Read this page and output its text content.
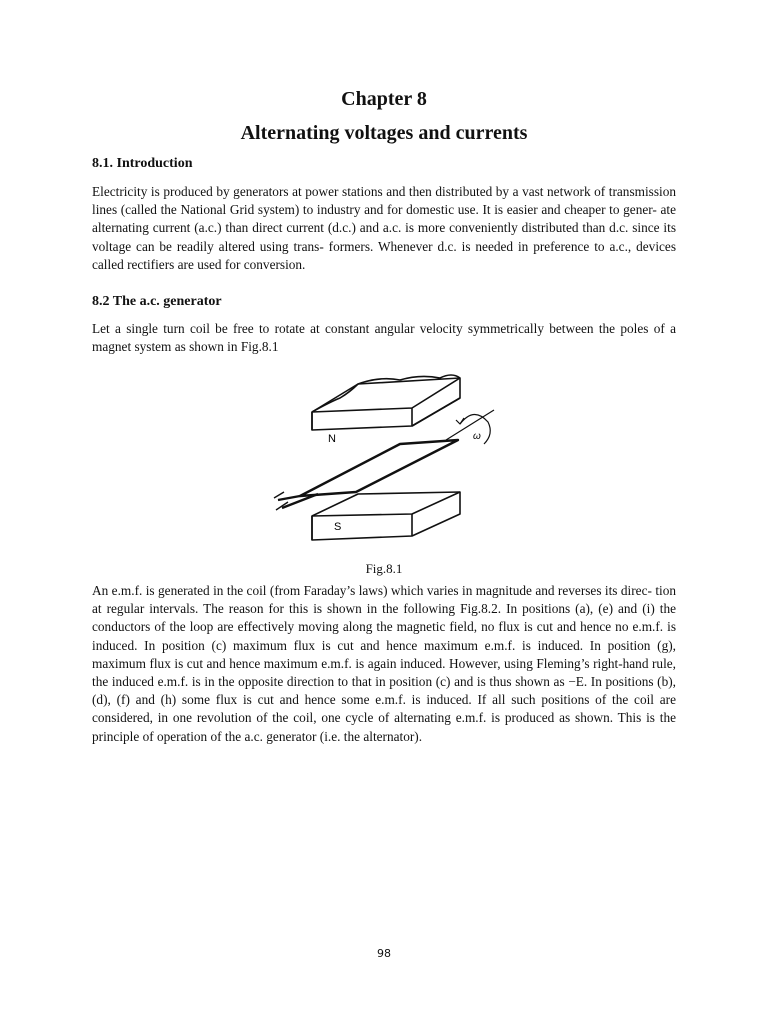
Chapter 8
Alternating voltages and currents
8.1. Introduction

Electricity is produced by generators at power stations and then distributed by a vast network of transmission lines (called the National Grid system) to industry and for domestic use. It is easier and cheaper to gener- ate alternating current (a.c.) than direct current (d.c.) and a.c. is more conveniently distributed than d.c. since its voltage can be readily altered using trans- formers. Whenever d.c. is needed in preference to a.c., devices called rectifiers are used for conversion.

8.2 The a.c. generator

Let a single turn coil be free to rotate at constant angular velocity symmetrically between the poles of a magnet system as shown in Fig.8.1

N
S
ω
Fig.8.1

An e.m.f. is generated in the coil (from Faraday’s laws) which varies in magnitude and reverses its direc- tion at regular intervals. The reason for this is shown in the following Fig.8.2. In positions (a), (e) and (i) the conductors of the loop are effectively moving along the magnetic field, no flux is cut and hence no e.m.f. is induced. In position (c) maximum flux is cut and hence maximum e.m.f. is induced. In position (g), maximum flux is cut and hence maximum e.m.f. is again induced. However, using Fleming’s right-hand rule, the induced e.m.f. is in the opposite direction to that in position (c) and is thus shown as −E. In positions (b), (d), (f) and (h) some flux is cut and hence some e.m.f. is induced. If all such positions of the coil are considered, in one revolution of the coil, one cycle of alternating e.m.f. is produced as shown. This is the principle of operation of the a.c. generator (i.e. the alternator).

98
